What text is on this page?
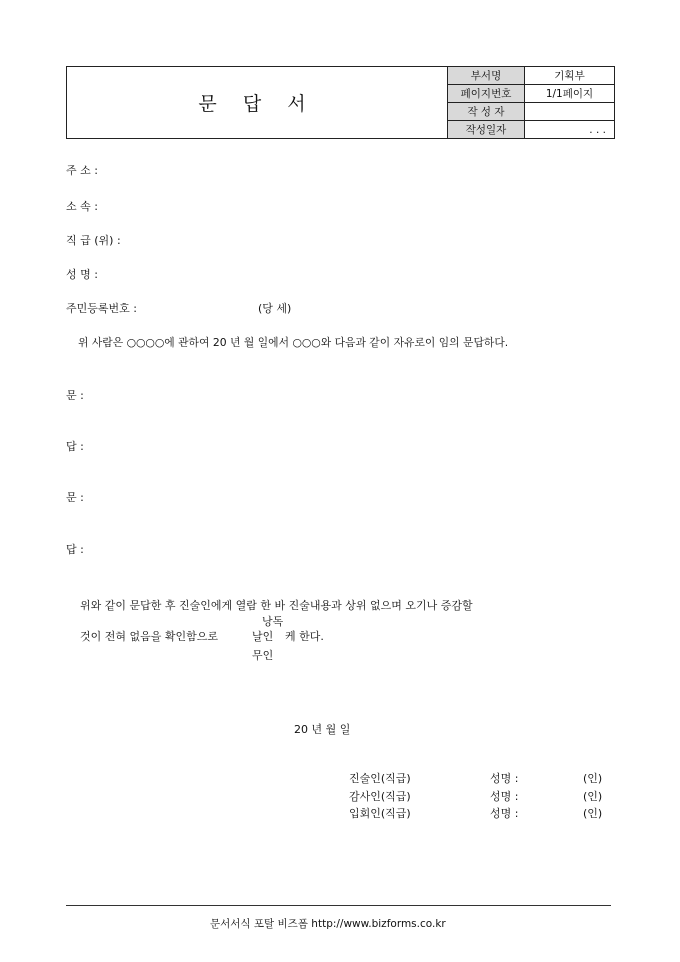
문 답 서	부서명	기획부
	페이지번호	1/1페이지
	작 성 자	
	작성일자	. . .
주 소 :
소 속 :
직 급 (위) :
성 명 :
주민등록번호 :	(당 세)
위 사람은 ○○○○에 관하여 20 년 월 일에서 ○○○와 다음과 같이 자유로이 임의 문답하다.
문 :
답 :
문 :
답 :
위와 같이 문답한 후 진술인에게 열람 한 바 진술내용과 상위 없으며 오기나 증감할
낭독
것이 전혀 없음을 확인함으로	날인 케 한다.
무인
20 년 월 일
진술인(직급)	성명 :	(인)
감사인(직급)	성명 :	(인)
입회인(직급)	성명 :	(인)
문서서식 포탈 비즈폼 http://www.bizforms.co.kr
